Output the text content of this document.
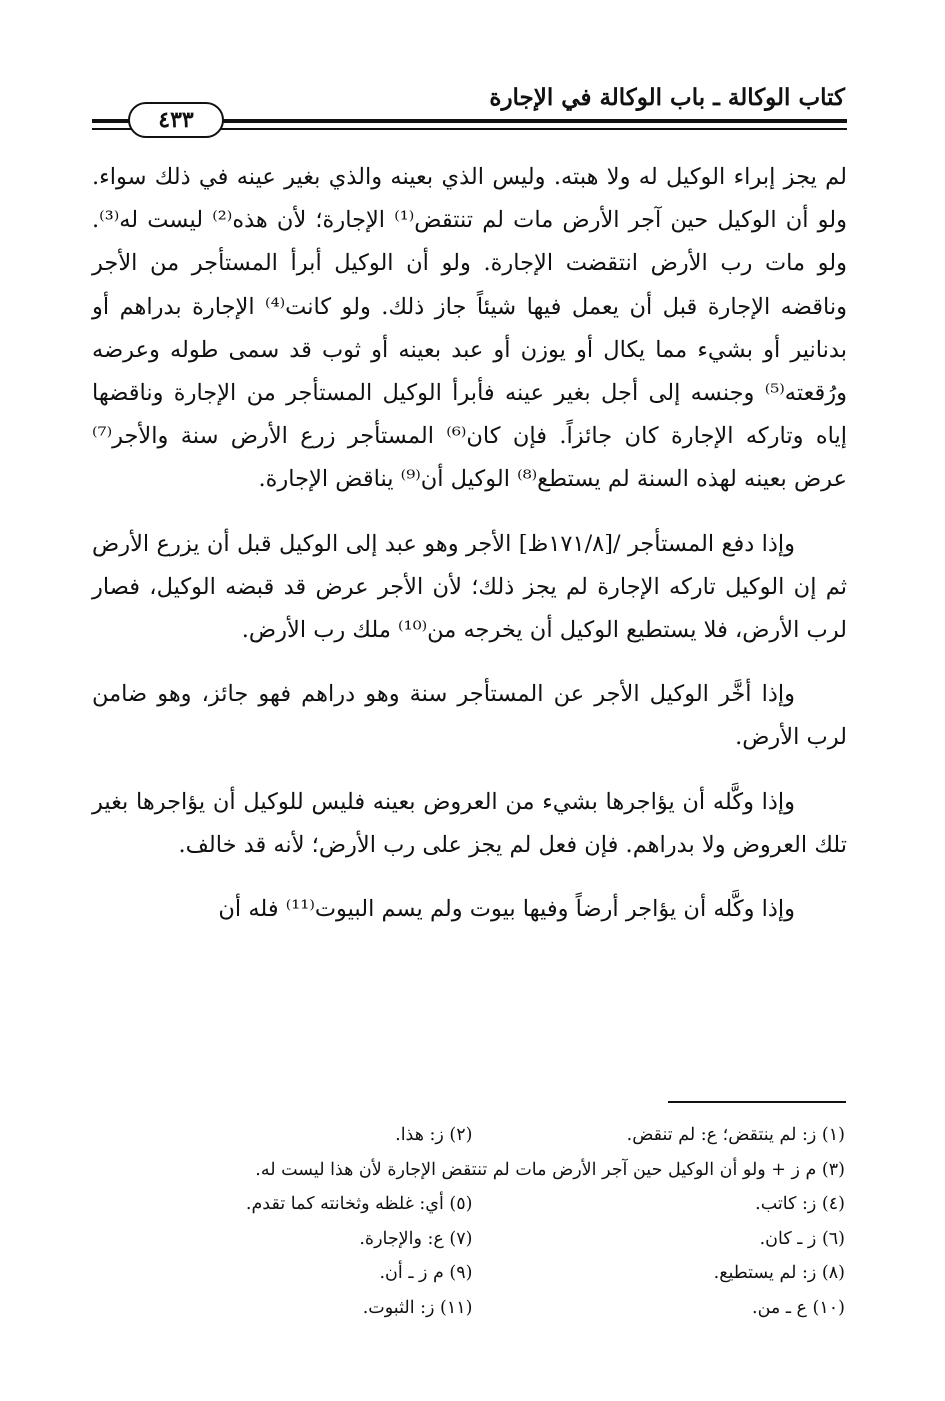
كتاب الوكالة ـ باب الوكالة في الإجارة
٤٣٣

لم يجز إبراء الوكيل له ولا هبته. وليس الذي بعينه والذي بغير عينه في ذلك سواء. ولو أن الوكيل حين آجر الأرض مات لم تنتقض⁽¹⁾ الإجارة؛ لأن هذه⁽²⁾ ليست له⁽³⁾. ولو مات رب الأرض انتقضت الإجارة. ولو أن الوكيل أبرأ المستأجر من الأجر وناقضه الإجارة قبل أن يعمل فيها شيئاً جاز ذلك. ولو كانت⁽⁴⁾ الإجارة بدراهم أو بدنانير أو بشيء مما يكال أو يوزن أو عبد بعينه أو ثوب قد سمى طوله وعرضه ورُقعته⁽⁵⁾ وجنسه إلى أجل بغير عينه فأبرأ الوكيل المستأجر من الإجارة وناقضها إياه وتاركه الإجارة كان جائزاً. فإن كان⁽⁶⁾ المستأجر زرع الأرض سنة والأجر⁽⁷⁾ عرض بعينه لهذه السنة لم يستطع⁽⁸⁾ الوكيل أن⁽⁹⁾ يناقض الإجارة.

وإذا دفع المستأجر /[١٧١/٨ظ] الأجر وهو عبد إلى الوكيل قبل أن يزرع الأرض ثم إن الوكيل تاركه الإجارة لم يجز ذلك؛ لأن الأجر عرض قد قبضه الوكيل، فصار لرب الأرض، فلا يستطيع الوكيل أن يخرجه من⁽¹⁰⁾ ملك رب الأرض.

وإذا أخَّر الوكيل الأجر عن المستأجر سنة وهو دراهم فهو جائز، وهو ضامن لرب الأرض.

وإذا وكَّله أن يؤاجرها بشيء من العروض بعينه فليس للوكيل أن يؤاجرها بغير تلك العروض ولا بدراهم. فإن فعل لم يجز على رب الأرض؛ لأنه قد خالف.

وإذا وكَّله أن يؤاجر أرضاً وفيها بيوت ولم يسم البيوت⁽¹¹⁾ فله أن

(١) ز: لم ينتقض؛ ع: لم تنقض.
(٢) ز: هذا.
(٣) م ز + ولو أن الوكيل حين آجر الأرض مات لم تنتقض الإجارة لأن هذا ليست له.
(٤) ز: كاتب.
(٥) أي: غلظه وثخانته كما تقدم.
(٦) ز ـ كان.
(٧) ع: والإجارة.
(٨) ز: لم يستطيع.
(٩) م ز ـ أن.
(١٠) ع ـ من.
(١١) ز: الثبوت.
